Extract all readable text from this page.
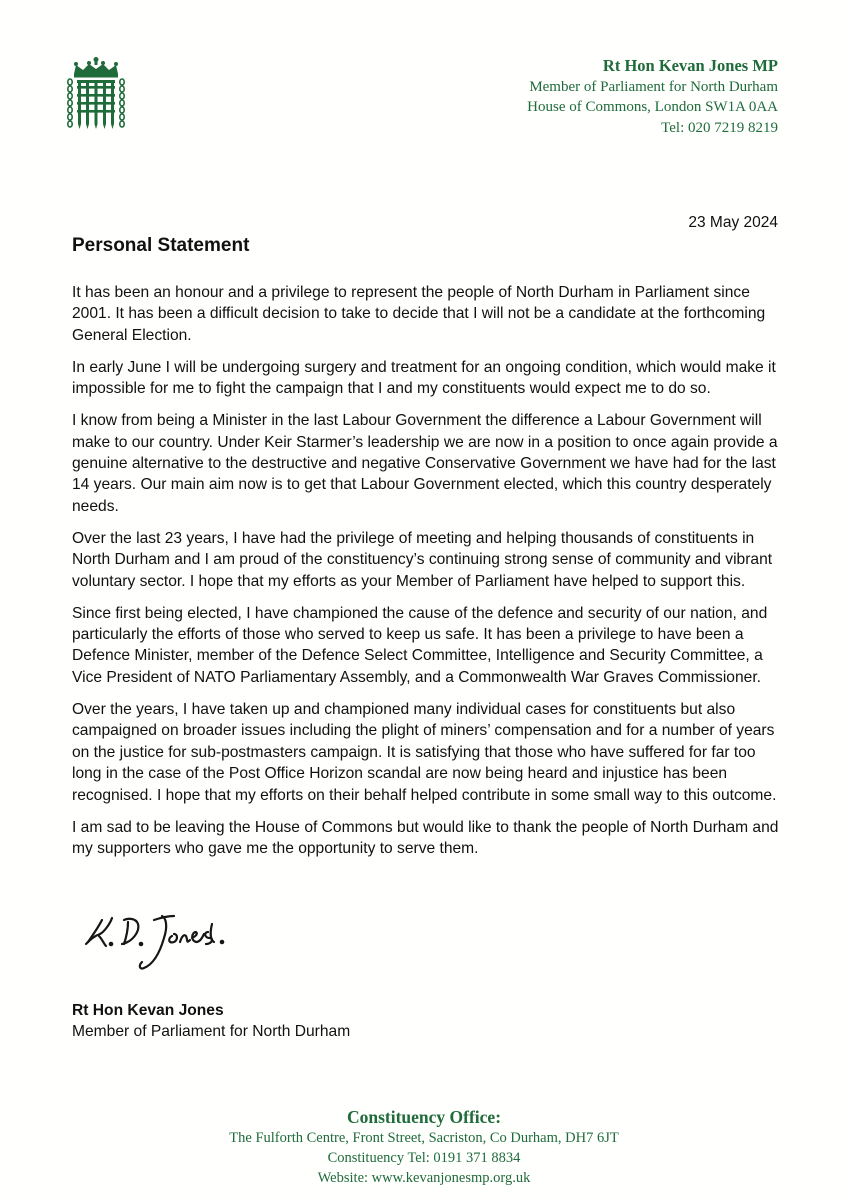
Rt Hon Kevan Jones MP
Member of Parliament for North Durham
House of Commons, London SW1A 0AA
Tel: 020 7219 8219
23 May 2024
Personal Statement

It has been an honour and a privilege to represent the people of North Durham in Parliament since 2001. It has been a difficult decision to take to decide that I will not be a candidate at the forthcoming General Election.

In early June I will be undergoing surgery and treatment for an ongoing condition, which would make it impossible for me to fight the campaign that I and my constituents would expect me to do so.

I know from being a Minister in the last Labour Government the difference a Labour Government will make to our country. Under Keir Starmer’s leadership we are now in a position to once again provide a genuine alternative to the destructive and negative Conservative Government we have had for the last 14 years. Our main aim now is to get that Labour Government elected, which this country desperately needs.

Over the last 23 years, I have had the privilege of meeting and helping thousands of constituents in North Durham and I am proud of the constituency’s continuing strong sense of community and vibrant voluntary sector. I hope that my efforts as your Member of Parliament have helped to support this.

Since first being elected, I have championed the cause of the defence and security of our nation, and particularly the efforts of those who served to keep us safe. It has been a privilege to have been a Defence Minister, member of the Defence Select Committee, Intelligence and Security Committee, a Vice President of NATO Parliamentary Assembly, and a Commonwealth War Graves Commissioner.

Over the years, I have taken up and championed many individual cases for constituents but also campaigned on broader issues including the plight of miners’ compensation and for a number of years on the justice for sub-postmasters campaign. It is satisfying that those who have suffered for far too long in the case of the Post Office Horizon scandal are now being heard and injustice has been recognised. I hope that my efforts on their behalf helped contribute in some small way to this outcome.

I am sad to be leaving the House of Commons but would like to thank the people of North Durham and my supporters who gave me the opportunity to serve them.

Rt Hon Kevan Jones
Member of Parliament for North Durham
Constituency Office:
The Fulforth Centre, Front Street, Sacriston, Co Durham, DH7 6JT
Constituency Tel: 0191 371 8834
Website: www.kevanjonesmp.org.uk
